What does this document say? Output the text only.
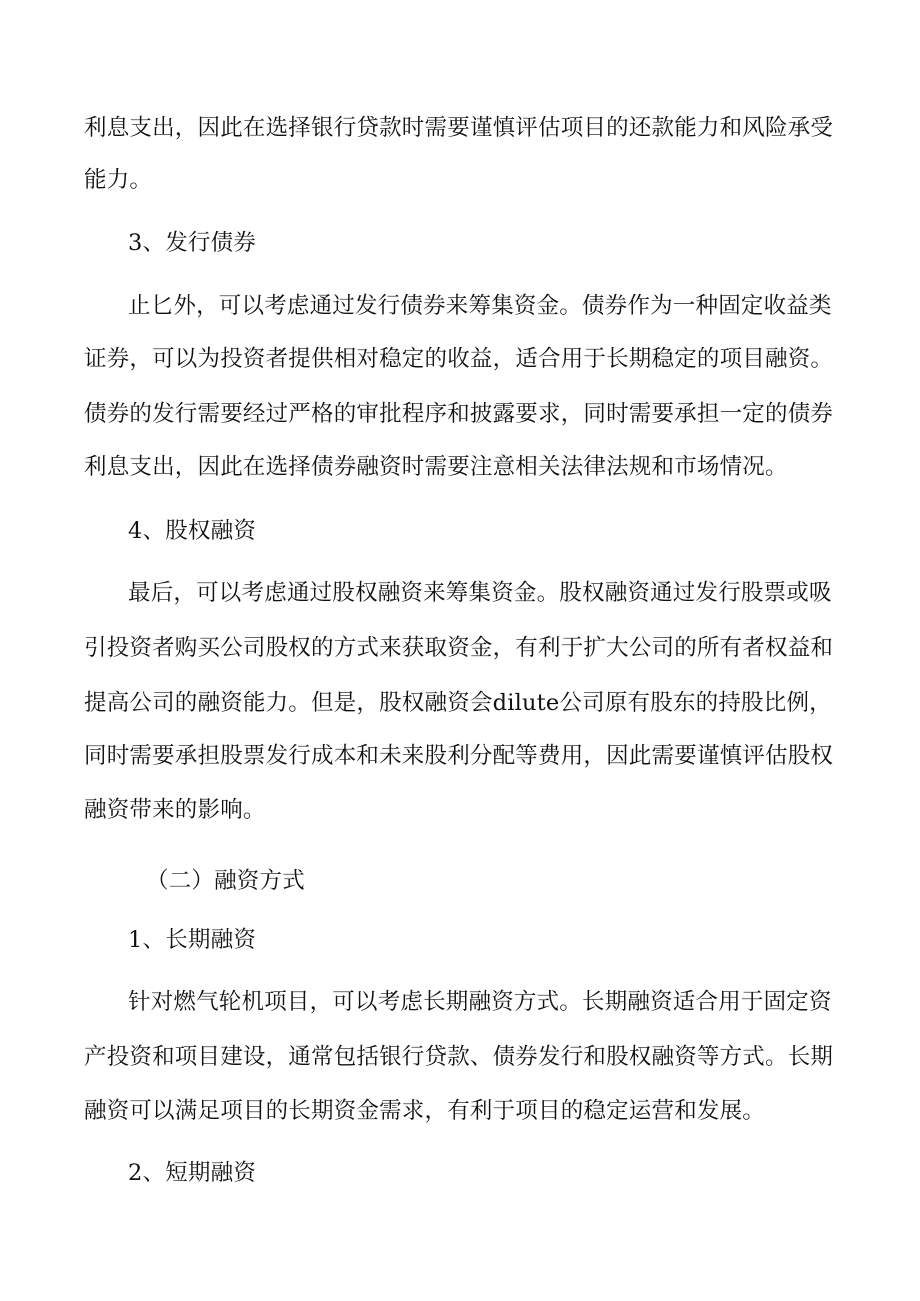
利息支出，因此在选择银行贷款时需要谨慎评估项目的还款能力和风险承受
能力。
3、发行债券
止匕外，可以考虑通过发行债券来筹集资金。债券作为一种固定收益类
证券，可以为投资者提供相对稳定的收益，适合用于长期稳定的项目融资。
债券的发行需要经过严格的审批程序和披露要求，同时需要承担一定的债券
利息支出，因此在选择债券融资时需要注意相关法律法规和市场情况。
4、股权融资
最后，可以考虑通过股权融资来筹集资金。股权融资通过发行股票或吸
引投资者购买公司股权的方式来获取资金，有利于扩大公司的所有者权益和
提高公司的融资能力。但是，股权融资会dilute公司原有股东的持股比例，
同时需要承担股票发行成本和未来股利分配等费用，因此需要谨慎评估股权
融资带来的影响。
（二）融资方式
1、长期融资
针对燃气轮机项目，可以考虑长期融资方式。长期融资适合用于固定资
产投资和项目建设，通常包括银行贷款、债券发行和股权融资等方式。长期
融资可以满足项目的长期资金需求，有利于项目的稳定运营和发展。
2、短期融资
